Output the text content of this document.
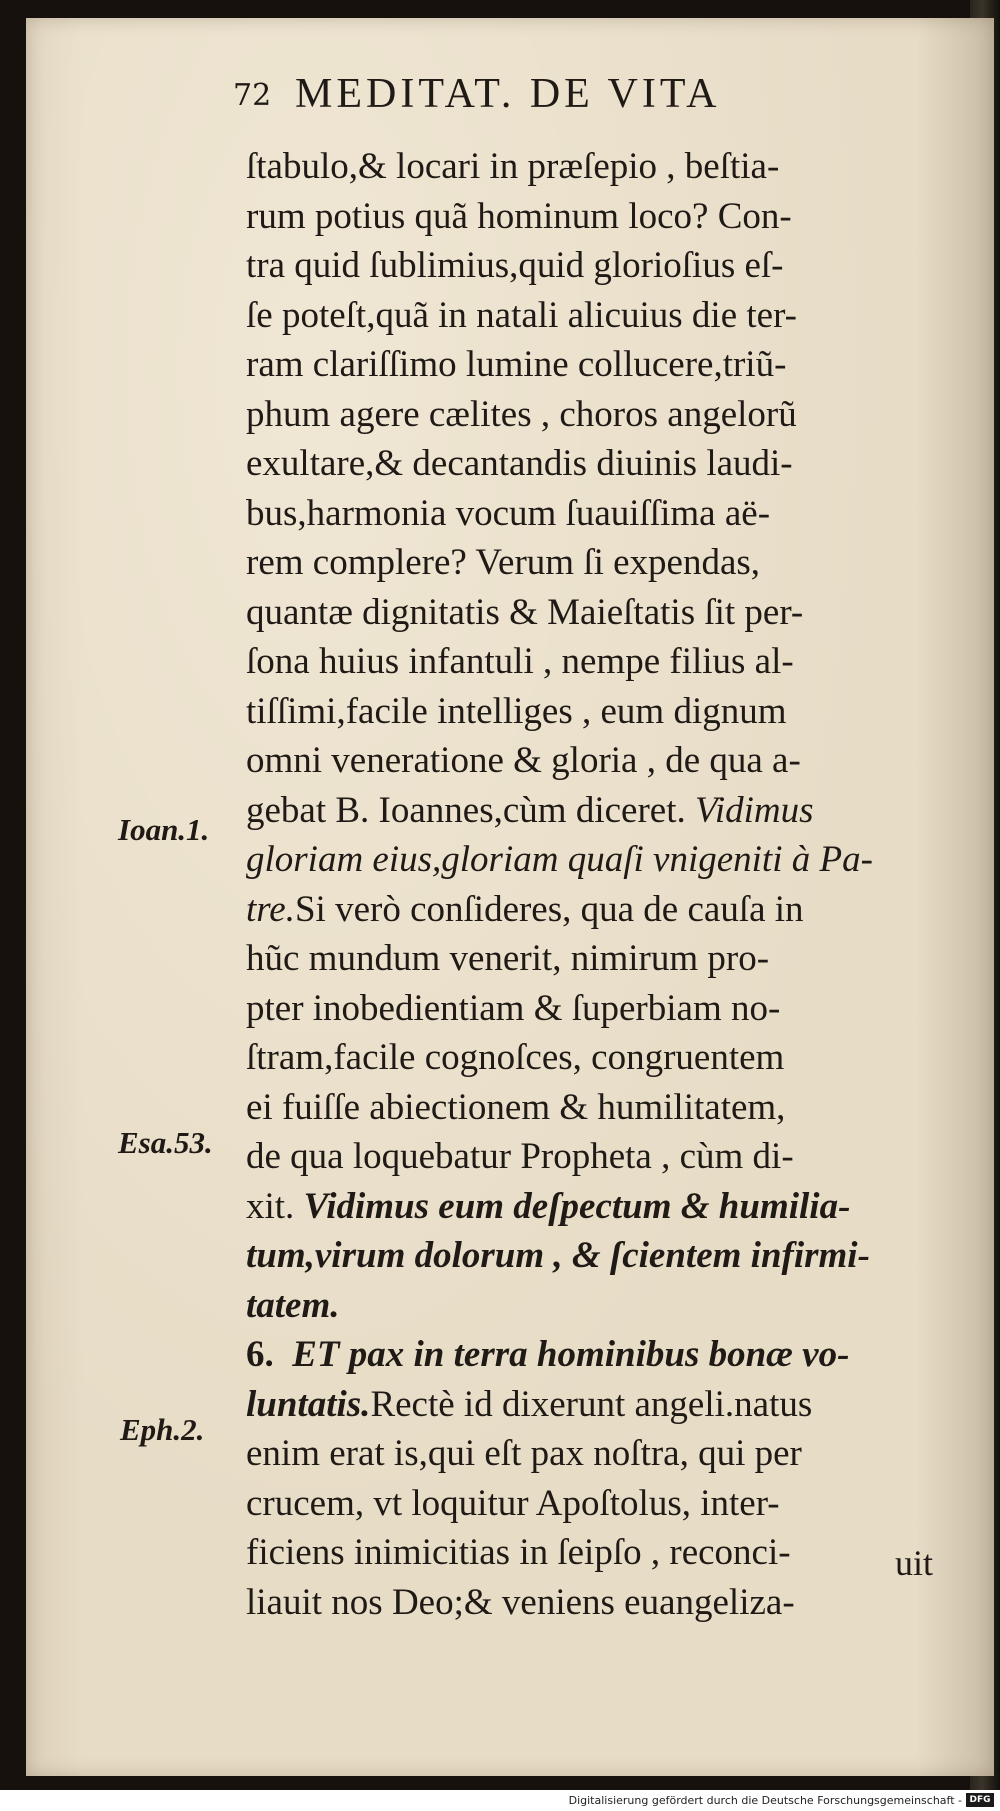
72 MEDITAT. DE VITA
Ioan.1.
Esa.53.
Eph.2.
ſtabulo,& locari in præſepio , beſtia-
rum potius quã hominum loco? Con-
tra quid ſublimius,quid glorioſius eſ-
ſe poteſt,quã in natali alicuius die ter-
ram clariſſimo lumine collucere,triũ-
phum agere cælites , choros angelorũ
exultare,& decantandis diuinis laudi-
bus,harmonia vocum ſuauiſſima aë-
rem complere? Verum ſi expendas,
quantæ dignitatis & Maieſtatis ſit per-
ſona huius infantuli , nempe filius al-
tiſſimi,facile intelliges , eum dignum
omni veneratione & gloria , de qua a-
gebat B. Ioannes,cùm diceret. Vidimus
gloriam eius,gloriam quaſi vnigeniti à Pa-
tre.Si verò conſideres, qua de cauſa in
hũc mundum venerit, nimirum pro-
pter inobedientiam & ſuperbiam no-
ſtram,facile cognoſces, congruentem
ei fuiſſe abiectionem & humilitatem,
de qua loquebatur Propheta , cùm di-
xit. Vidimus eum deſpectum & humilia-
tum,virum dolorum , & ſcientem infirmi-
tatem.
6. ET pax in terra hominibus bonæ vo-
luntatis.Rectè id dixerunt angeli.natus
enim erat is,qui eſt pax noſtra, qui per
crucem, vt loquitur Apoſtolus, inter-
ficiens inimicitias in ſeipſo , reconci-
liauit nos Deo;& veniens euangeliza-
uit
Digitalisierung gefördert durch die Deutsche Forschungsgemeinschaft - DFG
